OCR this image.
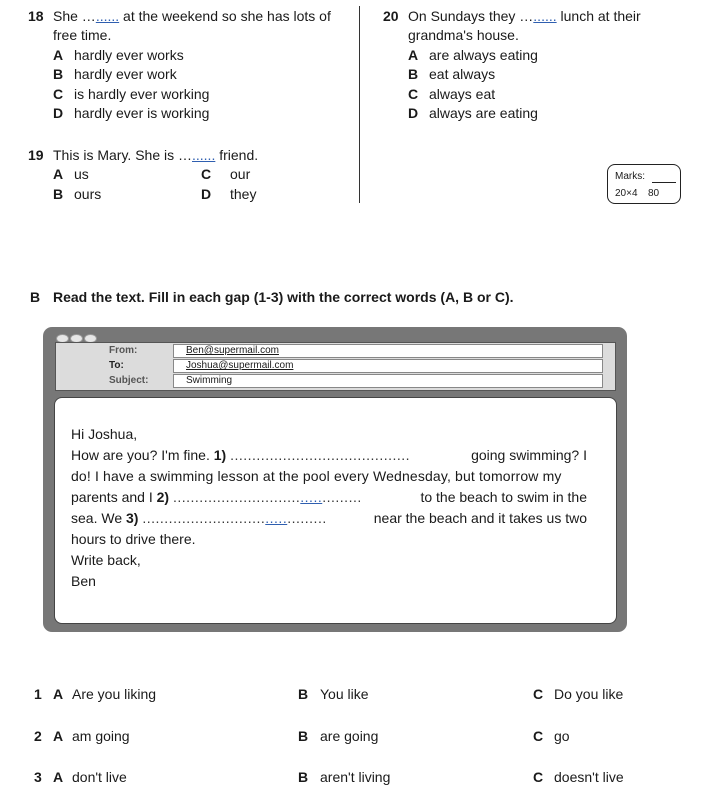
18 She …...... at the weekend so she has lots of
free time.
A hardly ever works
B hardly ever work
C is hardly ever working
D hardly ever is working
19 This is Mary. She is …...... friend.
A us	C our
B ours	D they
20 On Sundays they …...... lunch at their
grandma's house.
A are always eating
B eat always
C always eat
D always are eating
Marks:
20×4 80
B Read the text. Fill in each gap (1-3) with the correct words (A, B or C).
From:	Ben@supermail.com
To:	Joshua@supermail.com
Subject:	Swimming
Hi Joshua,
How are you? I'm fine. 1) .........................................	going swimming? I
do! I have a swimming lesson at the pool every Wednesday, but tomorrow my
parents and I 2) ...........................................	to the beach to swim in the
sea. We 3) ..........................................	near the beach and it takes us two
hours to drive there.
Write back,
Ben
1 A Are you liking	B You like	C Do you like
2 A am going	B are going	C go
3 A don't live	B aren't living	C doesn't live
